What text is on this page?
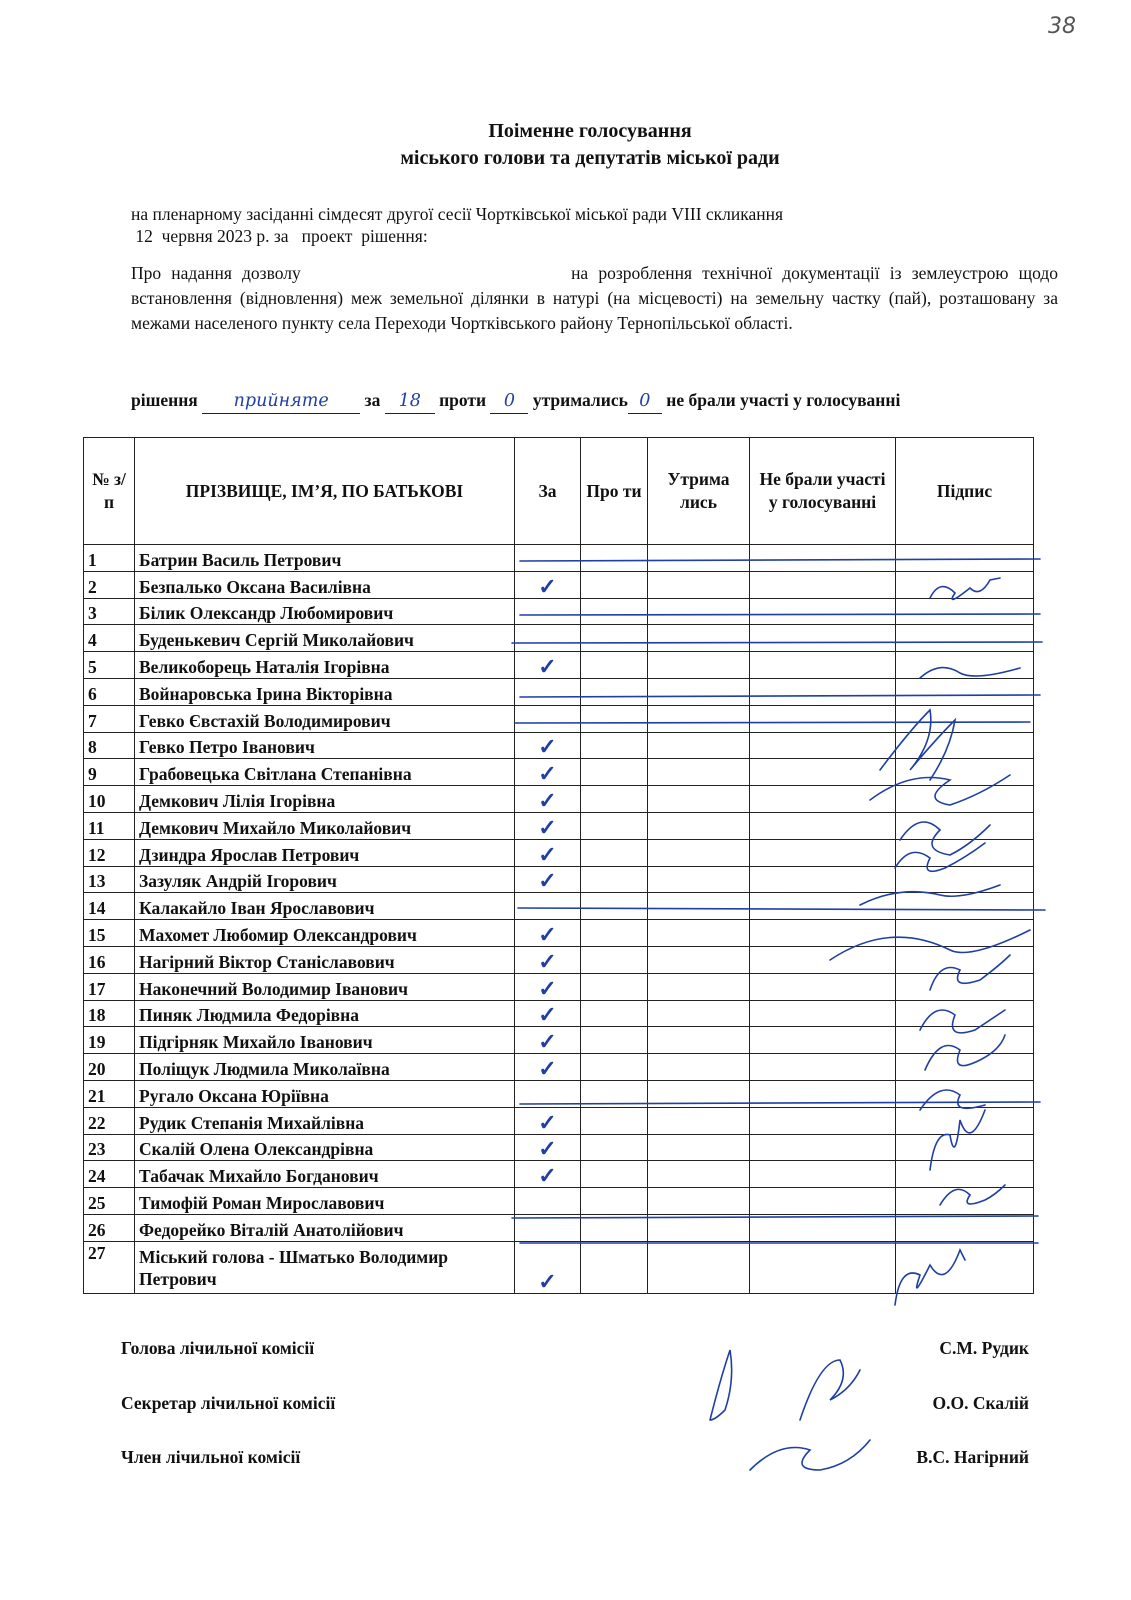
38
Поіменне голосування
міського голови та депутатів міської ради
на пленарному засіданні сімдесят другої сесії Чортківської міської ради VIII скликання
12  червня 2023 р. за   проект  рішення:
Про надання дозволу	на розроблення технічної документації із землеустрою щодо встановлення (відновлення) меж земельної ділянки в натурі (на місцевості) на земельну частку (пай), розташовану за межами населеного пункту села Переходи Чортківського району Тернопільської області.
рішення прийняте за 18 проти 0 утримались 0 не брали участі у голосуванні
№ з/п	ПРІЗВИЩЕ, ІМ’Я, ПО БАТЬКОВІ	За	Про ти	Утрима лись	Не брали участі у голосуванні	Підпис
1	Батрин Василь Петрович					
2	Безпалько Оксана Василівна	✓				
3	Білик Олександр Любомирович					
4	Буденькевич Сергій Миколайович					
5	Великоборець Наталія Ігорівна	✓				
6	Войнаровська Ірина Вікторівна					
7	Гевко Євстахій Володимирович					
8	Гевко Петро Іванович	✓				
9	Грабовецька Світлана Степанівна	✓				
10	Демкович Лілія Ігорівна	✓				
11	Демкович Михайло Миколайович	✓				
12	Дзиндра Ярослав Петрович	✓				
13	Зазуляк Андрій Ігорович	✓				
14	Калакайло Іван Ярославович					
15	Махомет Любомир Олександрович	✓				
16	Нагірний Віктор Станіславович	✓				
17	Наконечний Володимир Іванович	✓				
18	Пиняк Людмила Федорівна	✓				
19	Підгірняк Михайло Іванович	✓				
20	Поліщук Людмила Миколаївна	✓				
21	Ругало Оксана Юріївна					
22	Рудик Степанія Михайлівна	✓				
23	Скалій Олена Олександрівна	✓				
24	Табачак Михайло Богданович	✓				
25	Тимофій Роман Мирославович					
26	Федорейко Віталій Анатолійович					
27	Міський голова - Шматько Володимир Петрович	✓				
Голова лічильної комісії	С.М. Рудик
Секретар лічильної комісії	О.О. Скалій
Член лічильної комісії	В.С. Нагірний
